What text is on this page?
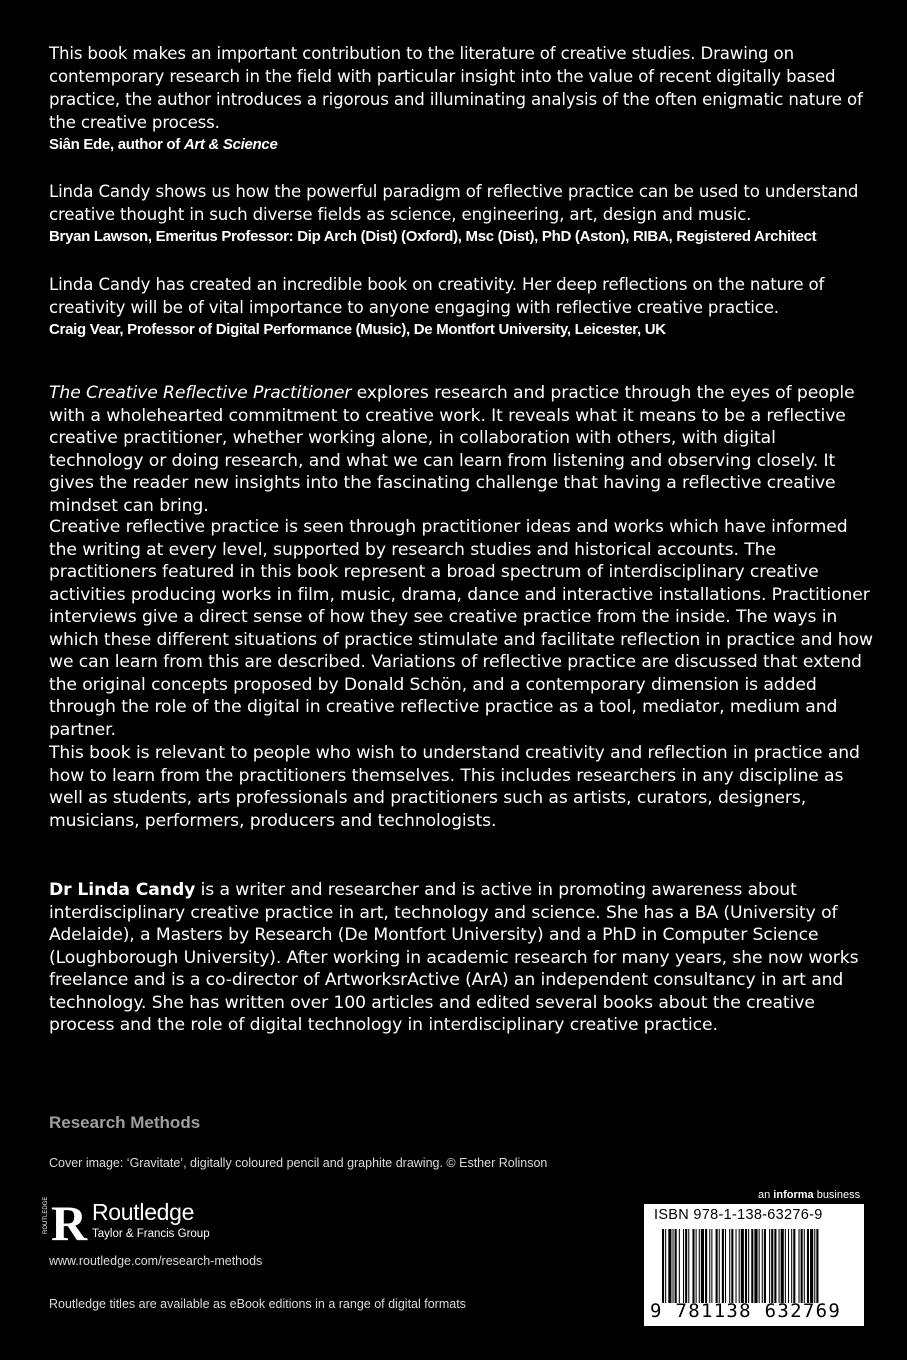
This book makes an important contribution to the literature of creative studies. Drawing on contemporary research in the field with particular insight into the value of recent digitally based practice, the author introduces a rigorous and illuminating analysis of the often enigmatic nature of the creative process.
Siân Ede, author of Art & Science
Linda Candy shows us how the powerful paradigm of reflective practice can be used to understand creative thought in such diverse fields as science, engineering, art, design and music.
Bryan Lawson, Emeritus Professor: Dip Arch (Dist) (Oxford), Msc (Dist), PhD (Aston), RIBA, Registered Architect
Linda Candy has created an incredible book on creativity. Her deep reflections on the nature of creativity will be of vital importance to anyone engaging with reflective creative practice.
Craig Vear, Professor of Digital Performance (Music), De Montfort University, Leicester, UK
The Creative Reflective Practitioner explores research and practice through the eyes of people with a wholehearted commitment to creative work. It reveals what it means to be a reflective creative practitioner, whether working alone, in collaboration with others, with digital technology or doing research, and what we can learn from listening and observing closely. It gives the reader new insights into the fascinating challenge that having a reflective creative mindset can bring.
Creative reflective practice is seen through practitioner ideas and works which have informed the writing at every level, supported by research studies and historical accounts. The practitioners featured in this book represent a broad spectrum of interdisciplinary creative activities producing works in film, music, drama, dance and interactive installations. Practitioner interviews give a direct sense of how they see creative practice from the inside. The ways in which these different situations of practice stimulate and facilitate reflection in practice and how we can learn from this are described. Variations of reflective practice are discussed that extend the original concepts proposed by Donald Schön, and a contemporary dimension is added through the role of the digital in creative reflective practice as a tool, mediator, medium and partner.
This book is relevant to people who wish to understand creativity and reflection in practice and how to learn from the practitioners themselves. This includes researchers in any discipline as well as students, arts professionals and practitioners such as artists, curators, designers, musicians, performers, producers and technologists.
Dr Linda Candy is a writer and researcher and is active in promoting awareness about interdisciplinary creative practice in art, technology and science. She has a BA (University of Adelaide), a Masters by Research (De Montfort University) and a PhD in Computer Science (Loughborough University). After working in academic research for many years, she now works freelance and is a co-director of ArtworksrActive (ArA) an independent consultancy in art and technology. She has written over 100 articles and edited several books about the creative process and the role of digital technology in interdisciplinary creative practice.
Research Methods
Cover image: ‘Gravitate’, digitally coloured pencil and graphite drawing. © Esther Rolinson
ROUTLEDGE R Routledge
Taylor & Francis Group
www.routledge.com/research-methods
Routledge titles are available as eBook editions in a range of digital formats
an informa business
ISBN 978-1-138-63276-9
9 781138 632769
